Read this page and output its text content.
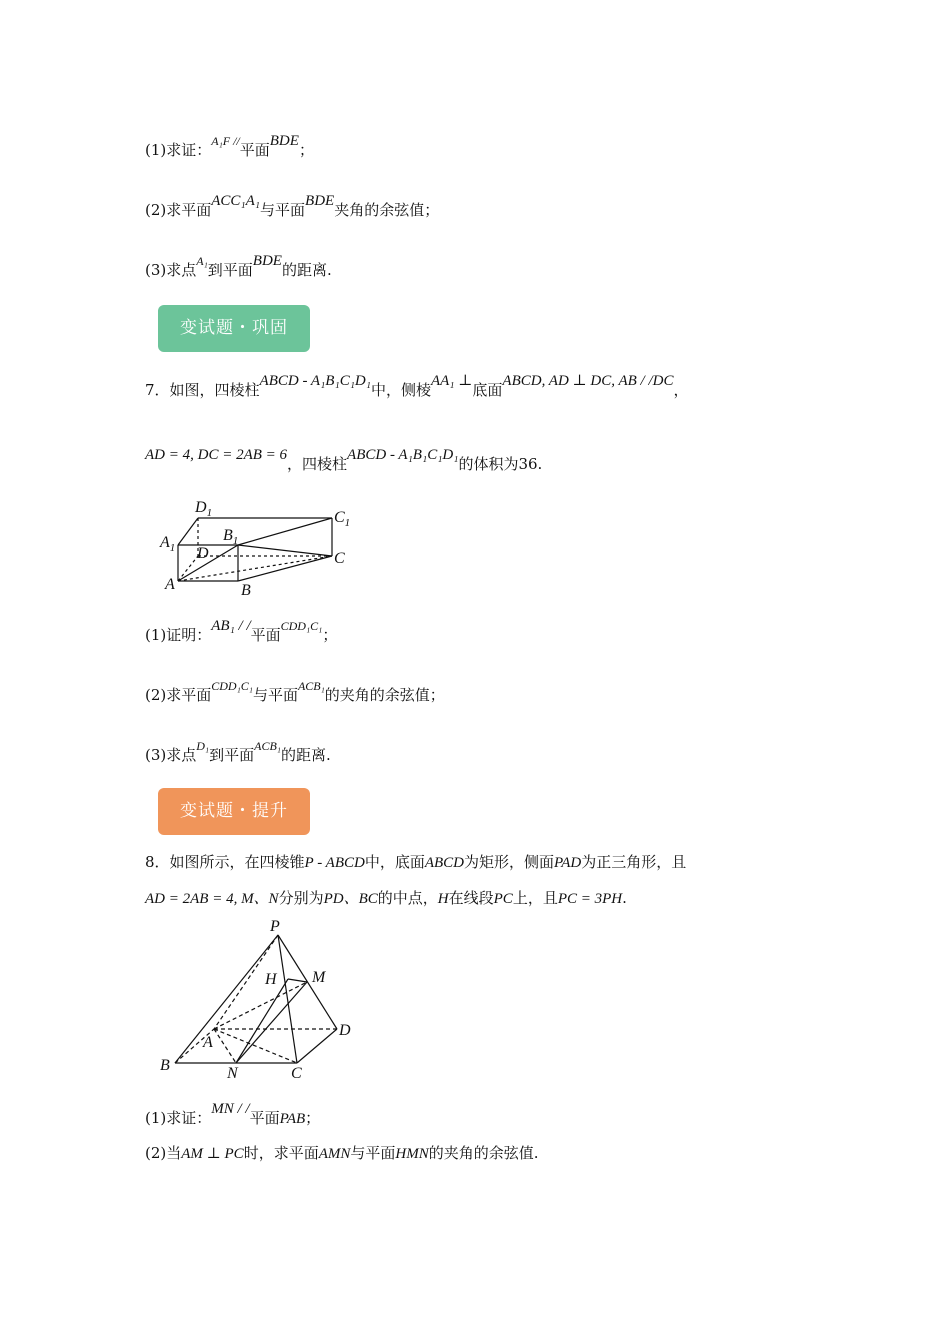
(1)求证：$^{A_1F //}$平面BDE；
(2)求平面ACC₁A₁与平面BDE夹角的余弦值；
(3)求点$^{A_1}$到平面BDE的距离.
变试题・巩固
7．如图，四棱柱ABCD - A₁B₁C₁D₁中，侧棱AA₁ ⊥底面ABCD, AD ⊥ DC, AB / /DC，
AD = 4, DC = 2AB = 6，四棱柱ABCD - A₁B₁C₁D₁的体积为36.
$D_1$	$C_1$
$A_1$
$B_1$
D	C
A	B
(1)证明：AB₁ / /平面$^{CDD_1C_1}$；
(2)求平面$^{CDD_1C_1}$与平面$^{ACB_1}$的夹角的余弦值；
(3)求点$^{D_1}$到平面$^{ACB_1}$的距离.
变试题・提升
8．如图所示，在四棱锥P - ABCD中，底面ABCD为矩形，侧面PAD为正三角形，且
AD = 2AB = 4, M、N分别为PD、BC的中点，H在线段PC上，且PC = 3PH.
P
H M
A
D
B	N	C
(1)求证：MN / /平面PAB；
(2)当AM ⊥ PC时，求平面AMN与平面HMN的夹角的余弦值.
